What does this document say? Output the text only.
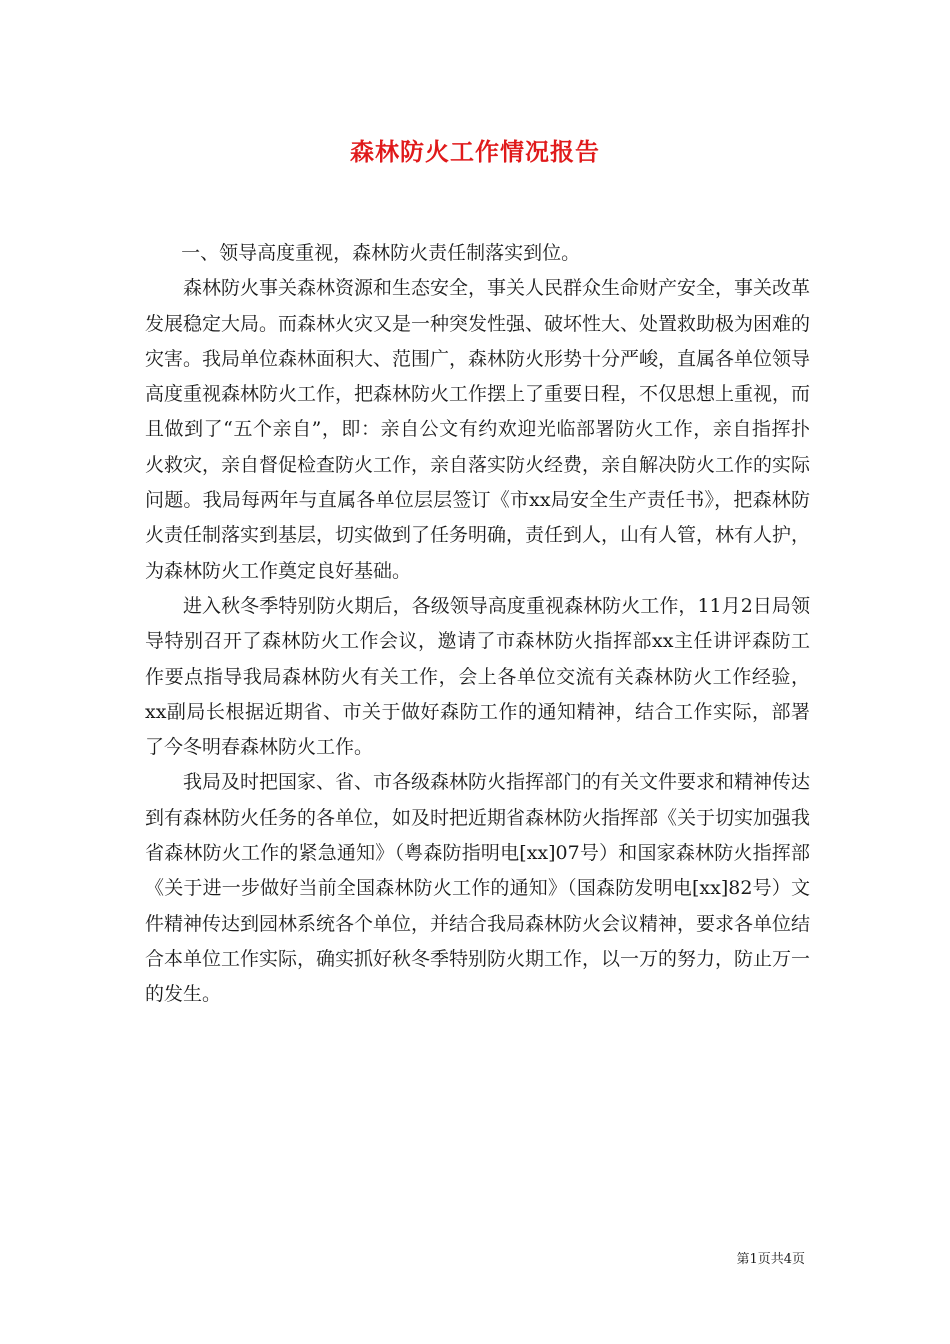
森林防火工作情况报告

一、领导高度重视，森林防火责任制落实到位。

森林防火事关森林资源和生态安全，事关人民群众生命财产安全，事关改革发展稳定大局。而森林火灾又是一种突发性强、破坏性大、处置救助极为困难的灾害。我局单位森林面积大、范围广，森林防火形势十分严峻，直属各单位领导高度重视森林防火工作，把森林防火工作摆上了重要日程，不仅思想上重视，而且做到了“五个亲自”，即：亲自公文有约欢迎光临部署防火工作，亲自指挥扑火救灾，亲自督促检查防火工作，亲自落实防火经费，亲自解决防火工作的实际问题。我局每两年与直属各单位层层签订《市xx局安全生产责任书》，把森林防火责任制落实到基层，切实做到了任务明确，责任到人，山有人管，林有人护，为森林防火工作奠定良好基础。

进入秋冬季特别防火期后，各级领导高度重视森林防火工作，11月2日局领导特别召开了森林防火工作会议，邀请了市森林防火指挥部xx主任讲评森防工作要点指导我局森林防火有关工作，会上各单位交流有关森林防火工作经验，xx副局长根据近期省、市关于做好森防工作的通知精神，结合工作实际，部署了今冬明春森林防火工作。

我局及时把国家、省、市各级森林防火指挥部门的有关文件要求和精神传达到有森林防火任务的各单位，如及时把近期省森林防火指挥部《关于切实加强我省森林防火工作的紧急通知》（粤森防指明电[xx]07号）和国家森林防火指挥部《关于进一步做好当前全国森林防火工作的通知》（国森防发明电[xx]82号）文件精神传达到园林系统各个单位，并结合我局森林防火会议精神，要求各单位结合本单位工作实际，确实抓好秋冬季特别防火期工作，以一万的努力，防止万一的发生。

第1页共4页
